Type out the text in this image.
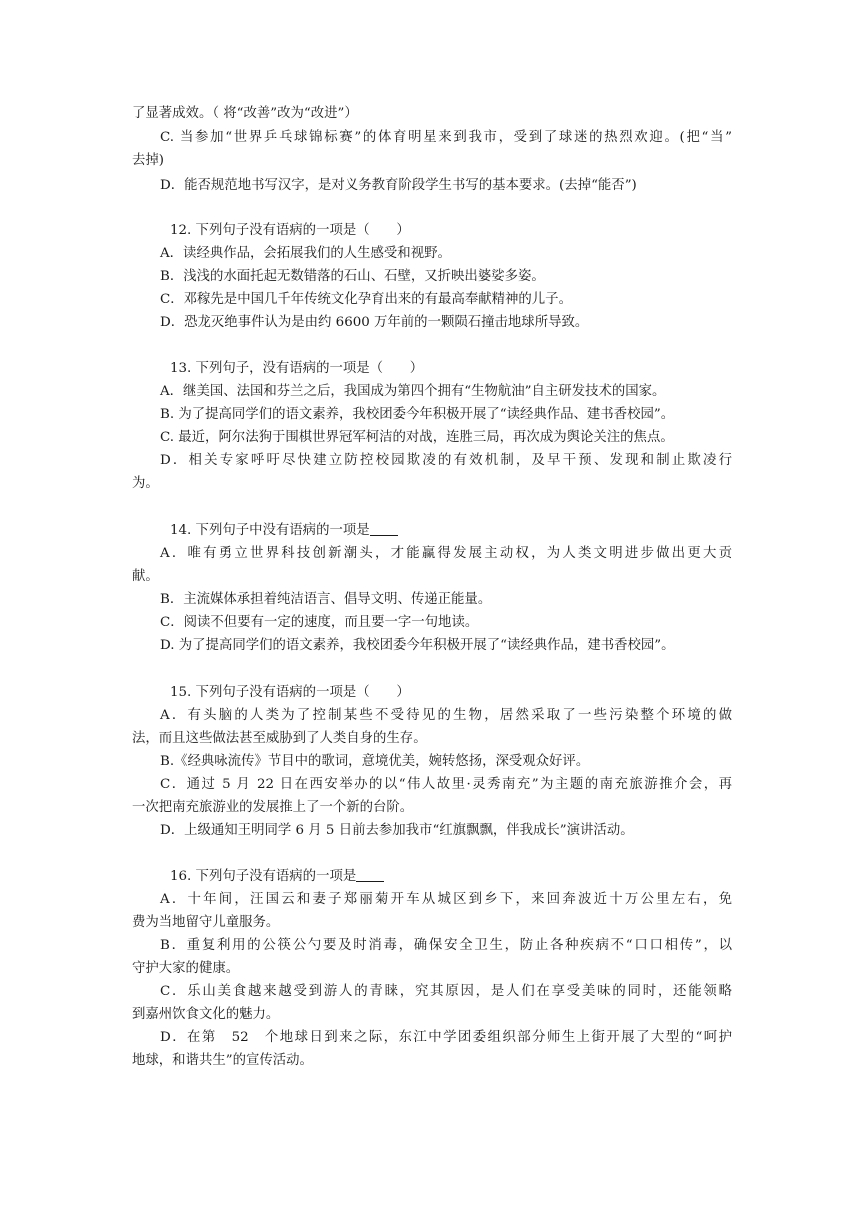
了显著成效。（ 将“改善”改为“改进”）
C. 当参加“世界乒乓球锦标赛”的体育明星来到我市，受到了球迷的热烈欢迎。(把“当”
去掉)
D．能否规范地书写汉字，是对义务教育阶段学生书写的基本要求。(去掉“能否”)
12. 下列句子没有语病的一项是（　　）
A．读经典作品，会拓展我们的人生感受和视野。
B．浅浅的水面托起无数错落的石山、石壁，又折映出婆娑多姿。
C．邓稼先是中国几千年传统文化孕育出来的有最高奉献精神的儿子。
D．恐龙灭绝事件认为是由约 6600 万年前的一颗陨石撞击地球所导致。
13. 下列句子，没有语病的一项是（　　）
A．继美国、法国和芬兰之后，我国成为第四个拥有“生物航油”自主研发技术的国家。
B. 为了提高同学们的语文素养，我校团委今年积极开展了“读经典作品、建书香校园”。
C. 最近，阿尔法狗于围棋世界冠军柯洁的对战，连胜三局，再次成为舆论关注的焦点。
D．相关专家呼吁尽快建立防控校园欺凌的有效机制，及早干预、发现和制止欺凌行
为。
14. 下列句子中没有语病的一项是
A．唯有勇立世界科技创新潮头，才能赢得发展主动权，为人类文明进步做出更大贡
献。
B．主流媒体承担着纯洁语言、倡导文明、传递正能量。
C．阅读不但要有一定的速度，而且要一字一句地读。
D. 为了提高同学们的语文素养，我校团委今年积极开展了“读经典作品，建书香校园”。
15. 下列句子没有语病的一项是（　　）
A．有头脑的人类为了控制某些不受待见的生物，居然采取了一些污染整个环境的做
法，而且这些做法甚至威胁到了人类自身的生存。
B.《经典咏流传》节目中的歌词，意境优美，婉转悠扬，深受观众好评。
C．通过 5 月 22 日在西安举办的以“伟人故里·灵秀南充”为主题的南充旅游推介会，再
一次把南充旅游业的发展推上了一个新的台阶。
D．上级通知王明同学 6 月 5 日前去参加我市“红旗飘飘，伴我成长”演讲活动。
16. 下列句子没有语病的一项是
A．十年间，汪国云和妻子郑丽菊开车从城区到乡下，来回奔波近十万公里左右，免
费为当地留守儿童服务。
B．重复利用的公筷公勺要及时消毒，确保安全卫生，防止各种疾病不“口口相传”，以
守护大家的健康。
C．乐山美食越来越受到游人的青睐，究其原因，是人们在享受美味的同时，还能领略
到嘉州饮食文化的魅力。
D．在第　52　个地球日到来之际，东江中学团委组织部分师生上街开展了大型的“呵护
地球，和谐共生”的宣传活动。
